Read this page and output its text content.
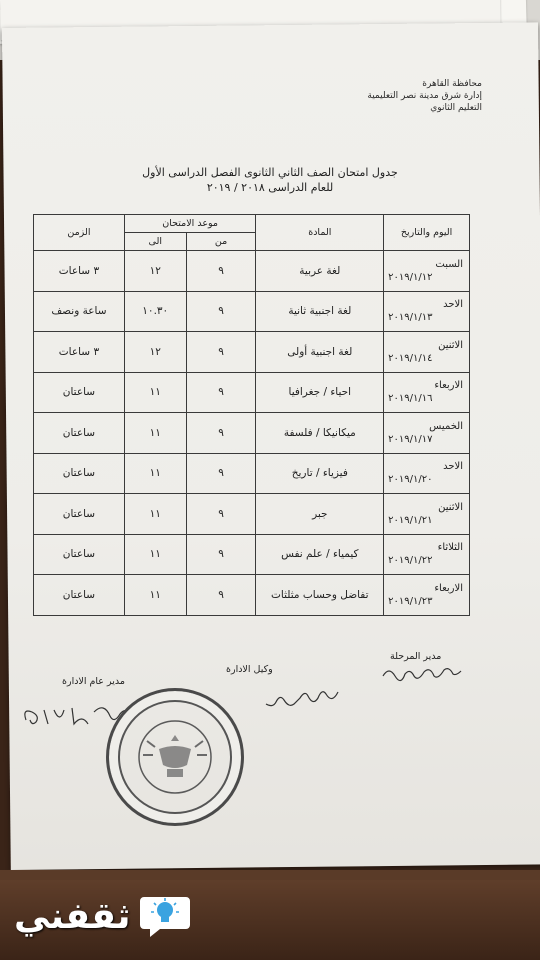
محافظة القاهرة
إدارة شرق مدينة نصر التعليمية
التعليم الثانوي
جدول امتحان الصف الثاني الثانوى الفصل الدراسى الأول
للعام الدراسى ٢٠١٨ / ٢٠١٩
اليوم والتاريخ	المادة	موعد الامتحان		الزمن
		من	الى	
السبت
٢٠١٩/١/١٢	لغة عربية	٩	١٢	٣ ساعات
الاحد
٢٠١٩/١/١٣	لغة اجنبية ثانية	٩	١٠.٣٠	ساعة ونصف
الاثنين
٢٠١٩/١/١٤	لغة اجنبية أولى	٩	١٢	٣ ساعات
الاربعاء
٢٠١٩/١/١٦	احياء / جغرافيا	٩	١١	ساعتان
الخميس
٢٠١٩/١/١٧	ميكانيكا / فلسفة	٩	١١	ساعتان
الاحد
٢٠١٩/١/٢٠	فيزياء / تاريخ	٩	١١	ساعتان
الاثنين
٢٠١٩/١/٢١	جبر	٩	١١	ساعتان
الثلاثاء
٢٠١٩/١/٢٢	كيمياء / علم نفس	٩	١١	ساعتان
الاربعاء
٢٠١٩/١/٢٣	تفاضل وحساب مثلثات	٩	١١	ساعتان
مدير المرحلة
وكيل الادارة
مدير عام الادارة
ثقفني
